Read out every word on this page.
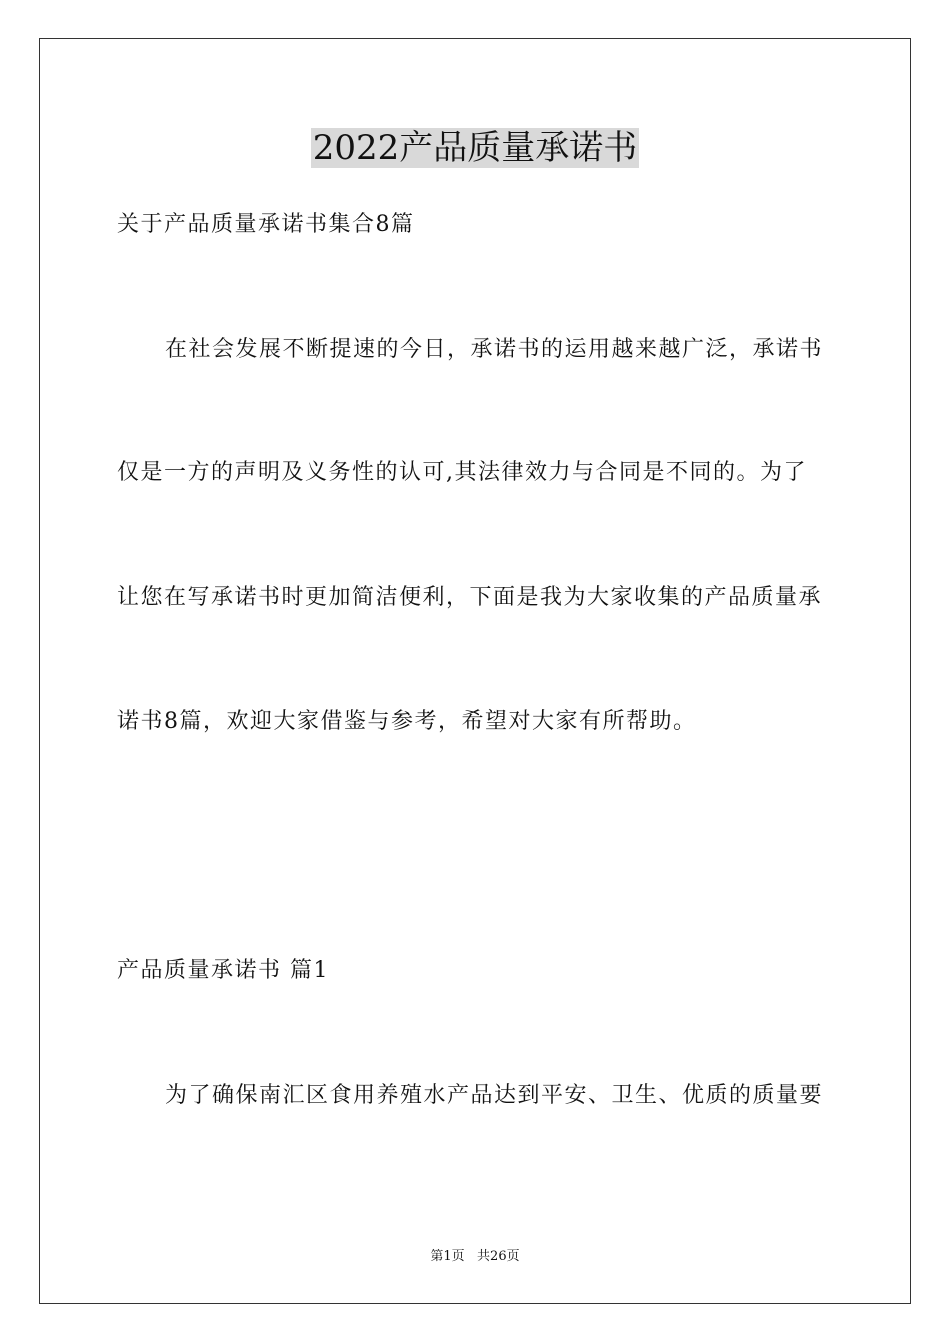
2022产品质量承诺书
关于产品质量承诺书集合8篇
在社会发展不断提速的今日，承诺书的运用越来越广泛，承诺书
仅是一方的声明及义务性的认可,其法律效力与合同是不同的。为了
让您在写承诺书时更加简洁便利，下面是我为大家收集的产品质量承
诺书8篇，欢迎大家借鉴与参考，希望对大家有所帮助。
产品质量承诺书 篇1
为了确保南汇区食用养殖水产品达到平安、卫生、优质的质量要
第1页   共26页
